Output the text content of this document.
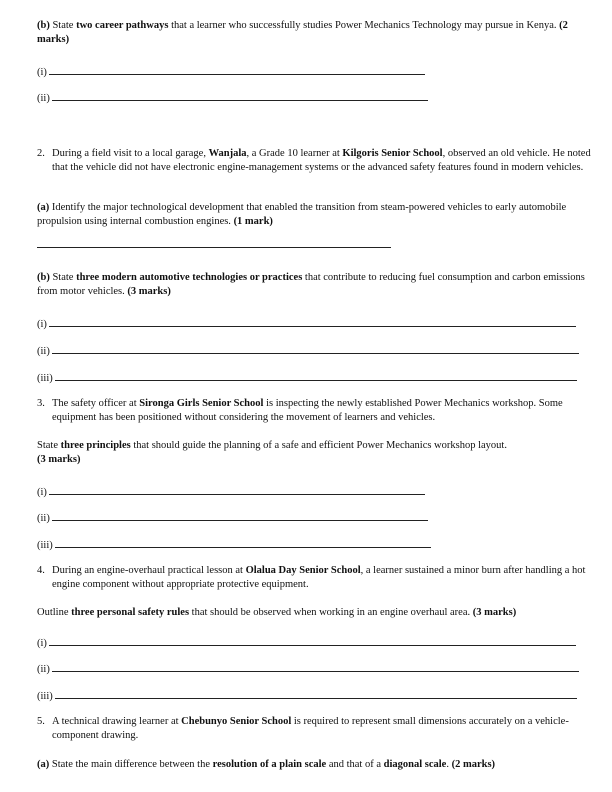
(b) State two career pathways that a learner who successfully studies Power Mechanics Technology may pursue in Kenya. (2 marks)
(i)
(ii)
2. During a field visit to a local garage, Wanjala, a Grade 10 learner at Kilgoris Senior School, observed an old vehicle. He noted that the vehicle did not have electronic engine-management systems or the advanced safety features found in modern vehicles.
(a) Identify the major technological development that enabled the transition from steam-powered vehicles to early automobile propulsion using internal combustion engines. (1 mark)
(b) State three modern automotive technologies or practices that contribute to reducing fuel consumption and carbon emissions from motor vehicles. (3 marks)
(i)
(ii)
(iii)
3. The safety officer at Sironga Girls Senior School is inspecting the newly established Power Mechanics workshop. Some equipment has been positioned without considering the movement of learners and vehicles.
State three principles that should guide the planning of a safe and efficient Power Mechanics workshop layout.
(3 marks)
(i)
(ii)
(iii)
4. During an engine-overhaul practical lesson at Olalua Day Senior School, a learner sustained a minor burn after handling a hot engine component without appropriate protective equipment.
Outline three personal safety rules that should be observed when working in an engine overhaul area. (3 marks)
(i)
(ii)
(iii)
5. A technical drawing learner at Chebunyo Senior School is required to represent small dimensions accurately on a vehicle-component drawing.
(a) State the main difference between the resolution of a plain scale and that of a diagonal scale. (2 marks)
